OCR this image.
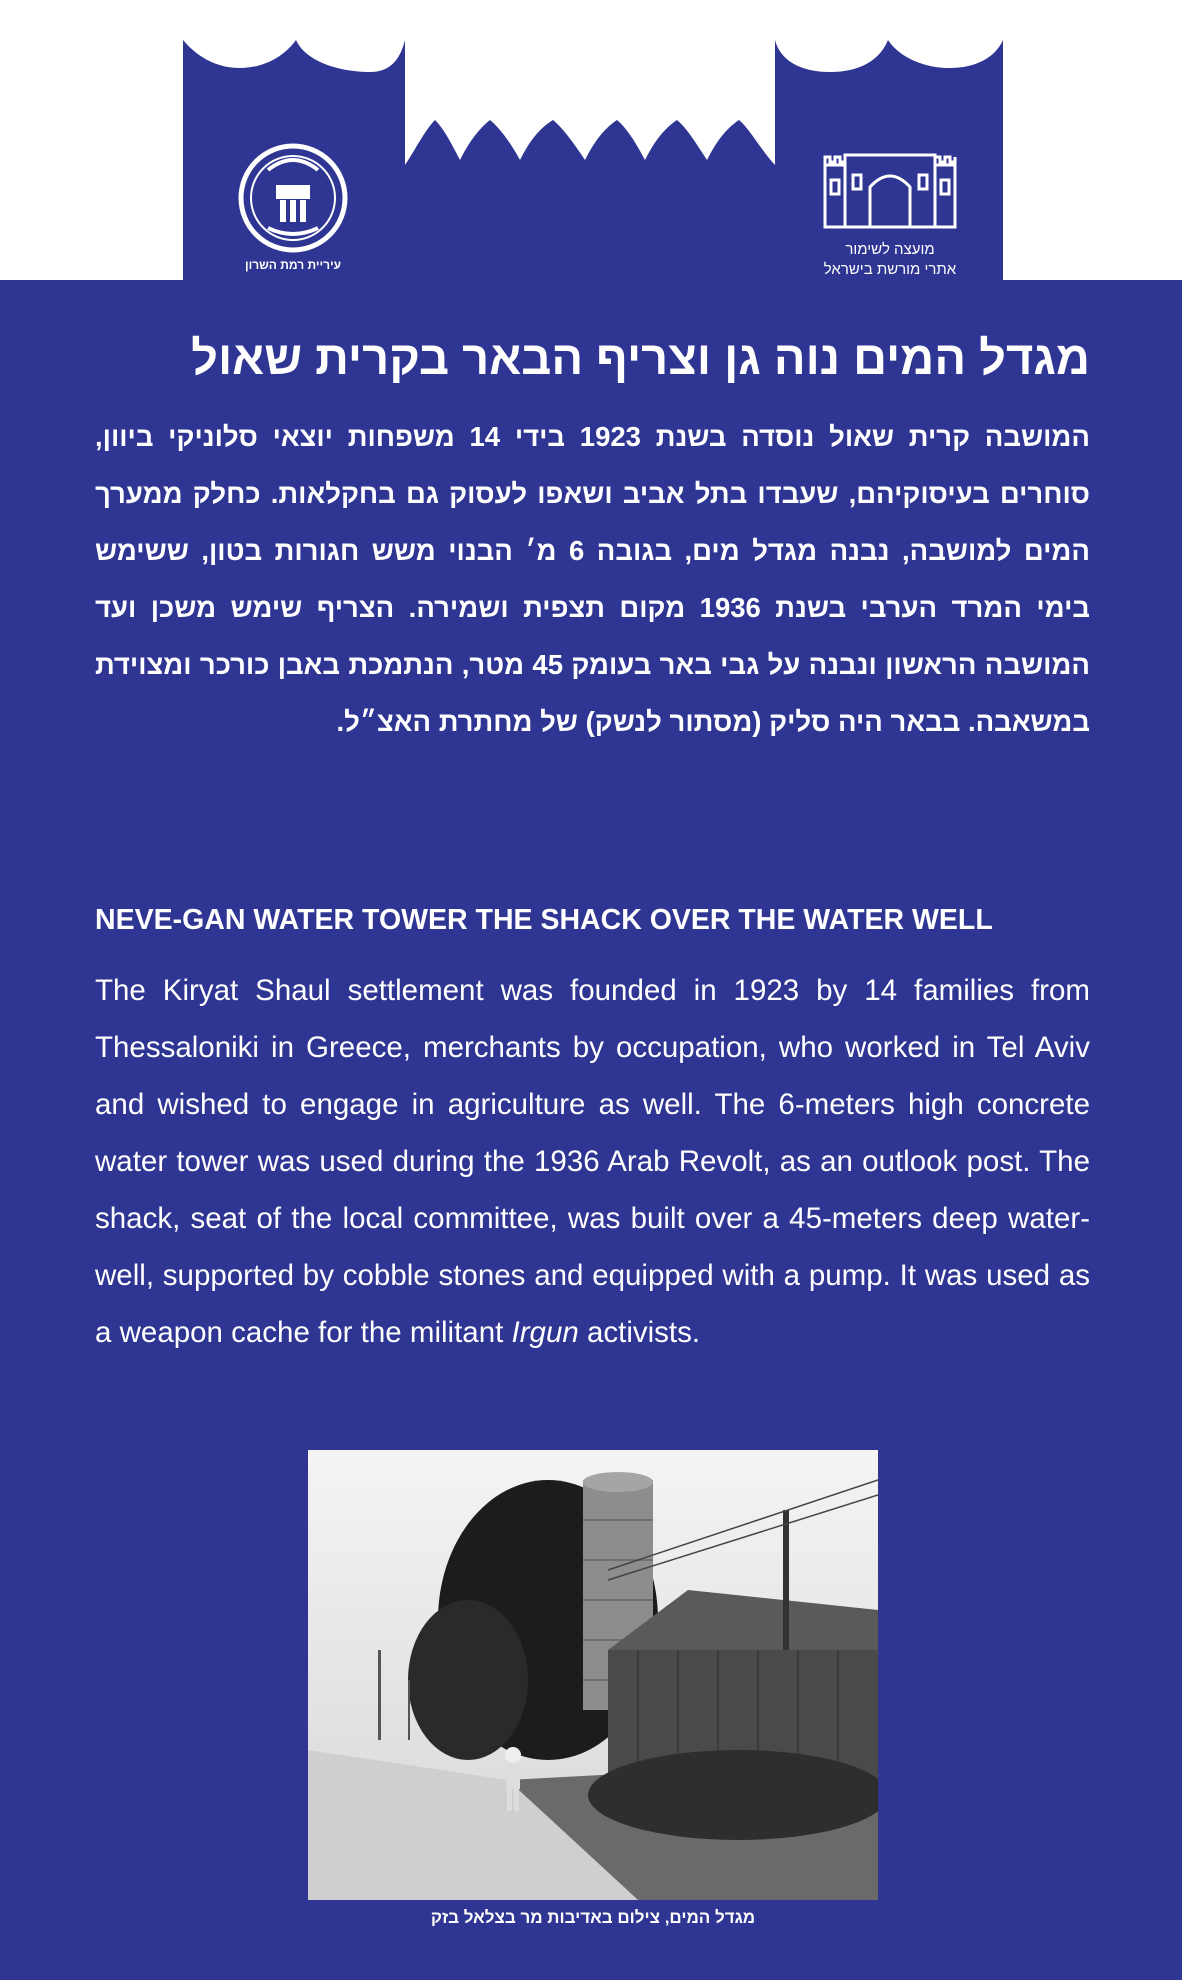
עיריית רמת השרון
מועצה לשימור
אתרי מורשת בישראל
מגדל המים נוה גן וצריף הבאר בקרית שאול
המושבה קרית שאול נוסדה בשנת 1923 בידי 14 משפחות יוצאי סלוניקי ביוון, סוחרים בעיסוקיהם, שעבדו בתל אביב ושאפו לעסוק גם בחקלאות. כחלק ממערך המים למושבה, נבנה מגדל מים, בגובה 6 מ׳ הבנוי משש חגורות בטון, ששימש בימי המרד הערבי בשנת 1936 מקום תצפית ושמירה. הצריף שימש משכן ועד המושבה הראשון ונבנה על גבי באר בעומק 45 מטר, הנתמכת באבן כורכר ומצוידת במשאבה. בבאר היה סליק (מסתור לנשק) של מחתרת האצ״ל.
NEVE-GAN WATER TOWER THE SHACK OVER THE WATER WELL
The Kiryat Shaul settlement was founded in 1923 by 14 families from Thessaloniki in Greece, merchants by occupation, who worked in Tel Aviv and wished to engage in agriculture as well. The 6-meters high concrete water tower was used during the 1936 Arab Revolt, as an outlook post. The shack, seat of the local committee, was built over a 45-meters deep water-well, supported by cobble stones and equipped with a pump. It was used as a weapon cache for the militant Irgun activists.
מגדל המים, צילום באדיבות מר בצלאל בזק
